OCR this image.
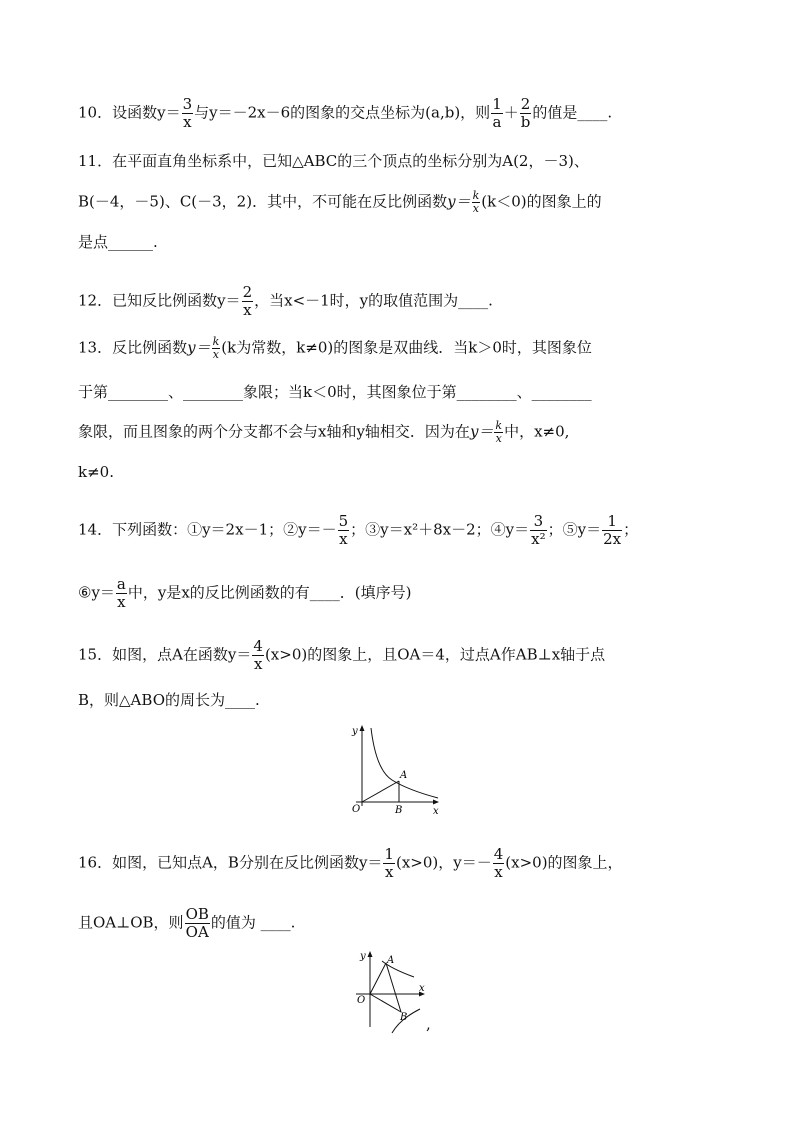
10．设函数$y= \frac{3}{x}$ 与y＝－2x－6的图象的交点坐标为(a,b)，则 $\frac{1}{a} + \frac{2}{b}$ 的值是____.
11．在平面直角坐标系中，已知△ABC的三个顶点的坐标分别为A(2，－3)、
B(－4，－5)、C(－3，2)．其中，不可能在反比例函数$y= \frac{k}{x} (k<0)$的图象上的
是点______.
12．已知反比例函数$y= \frac{2}{x}$ ，当x<－1时，y的取值范围为____.
13．反比例函数$y= \frac{k}{x} (k$为常数，k≠0)的图象是双曲线．当k＞0时，其图象位
于第________、________象限；当k＜0时，其图象位于第________、________
象限，而且图象的两个分支都不会与x轴和y轴相交．因为在$y= \frac{k}{x}$ 中，x≠0,
k≠0.
14．下列函数：①y＝2x－1；②y＝－ $\frac{5}{x}$ ；③y＝x²＋8x－2；④y＝ $\frac{3}{\text{x²}}$ ；⑤y＝ $\frac{1}{2x}$ ；
⑥y＝ $\frac{a}{x}$ 中，y是x的反比例函数的有____．(填序号)
15．如图，点A在函数$y= \frac{4}{x} (x>0)$的图象上，且OA＝4，过点A作AB⊥x轴于点
B，则△ABO的周长为____.
y
x
O
A
B
16．如图，已知点A，B分别在反比例函数$y= \frac{1}{x} (x>0)$，$y=- \frac{4}{x} (x>0)$的图象上，
且OA⊥OB，则 $\frac{OB}{OA}$ 的值为 ____.
y
x
O
A
B ,
